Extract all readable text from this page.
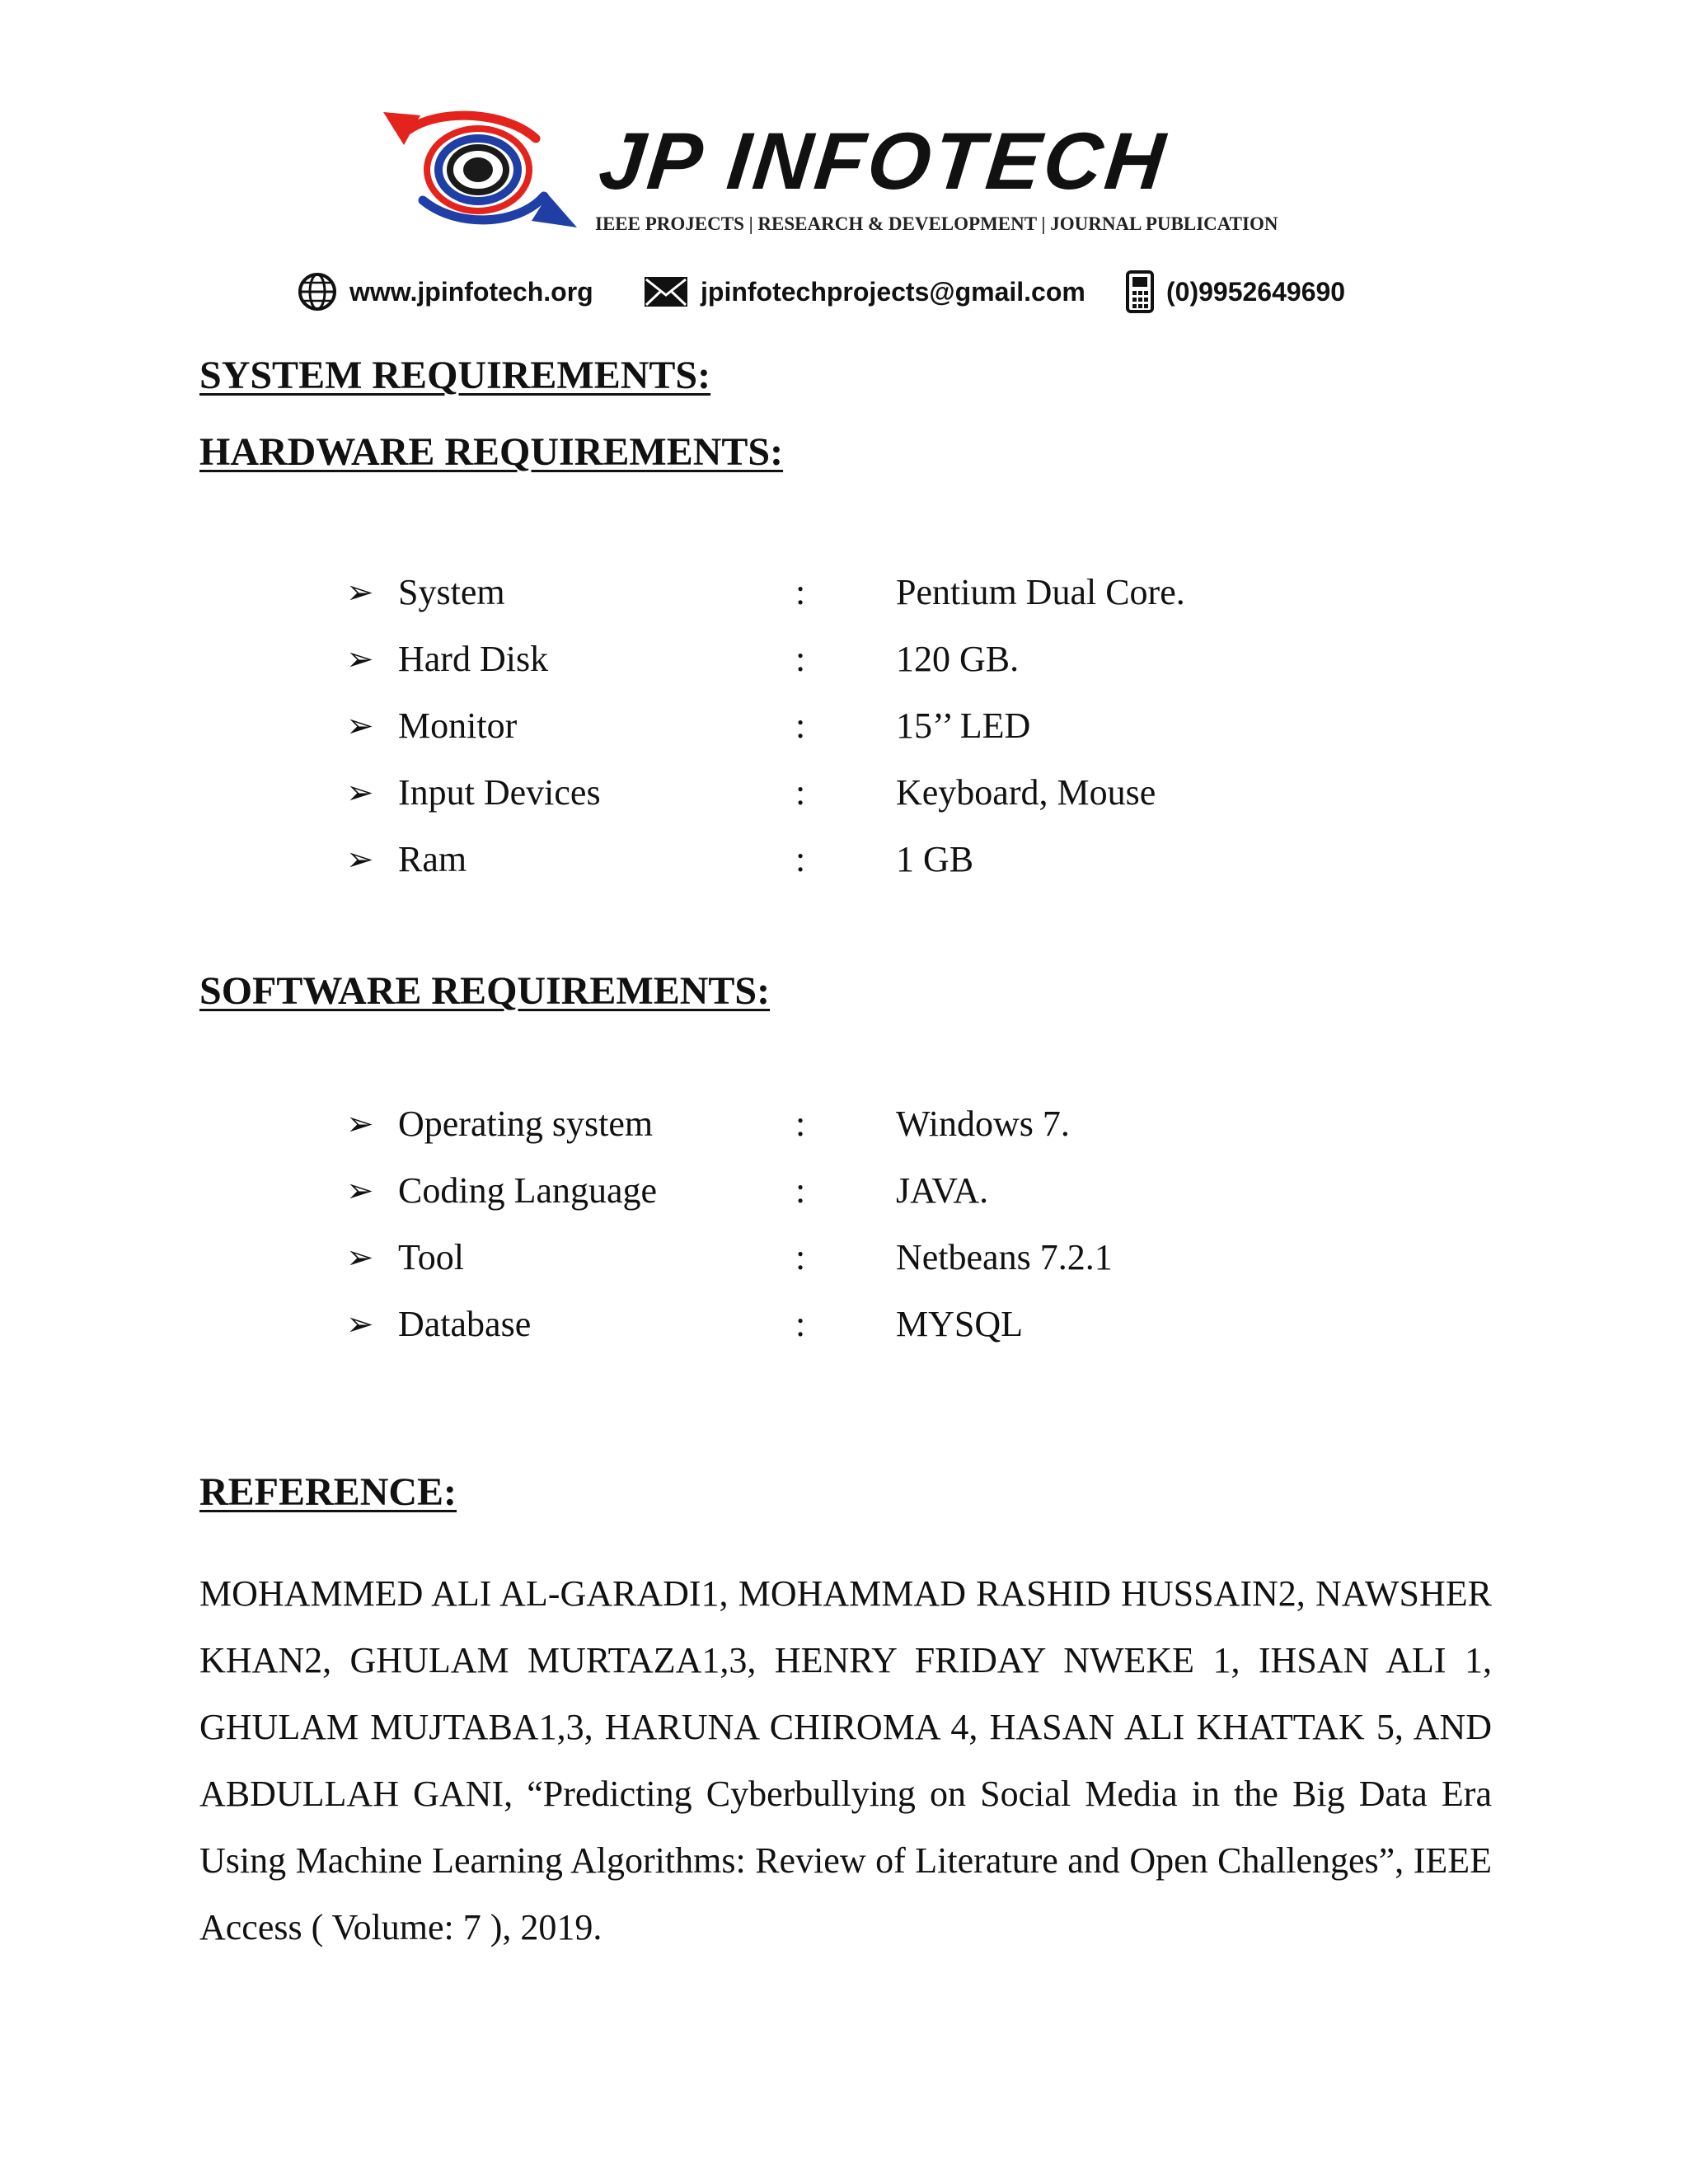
JP INFOTECH
IEEE PROJECTS | RESEARCH & DEVELOPMENT | JOURNAL PUBLICATION
www.jpinfotech.org	jpinfotechprojects@gmail.com	(0)9952649690
SYSTEM REQUIREMENTS:
HARDWARE REQUIREMENTS:
➢ System	: Pentium Dual Core.
➢ Hard Disk	: 120 GB.
➢ Monitor	: 15’’ LED
➢ Input Devices	: Keyboard, Mouse
➢ Ram	: 1 GB
SOFTWARE REQUIREMENTS:
➢ Operating system	: Windows 7.
➢ Coding Language	: JAVA.
➢ Tool	: Netbeans 7.2.1
➢ Database	: MYSQL
REFERENCE:

MOHAMMED ALI AL-GARADI1, MOHAMMAD RASHID HUSSAIN2, NAWSHER KHAN2, GHULAM MURTAZA1,3, HENRY FRIDAY NWEKE 1, IHSAN ALI 1, GHULAM MUJTABA1,3, HARUNA CHIROMA 4, HASAN ALI KHATTAK 5, AND ABDULLAH GANI, “Predicting Cyberbullying on Social Media in the Big Data Era Using Machine Learning Algorithms: Review of Literature and Open Challenges”, IEEE Access ( Volume: 7 ), 2019.
